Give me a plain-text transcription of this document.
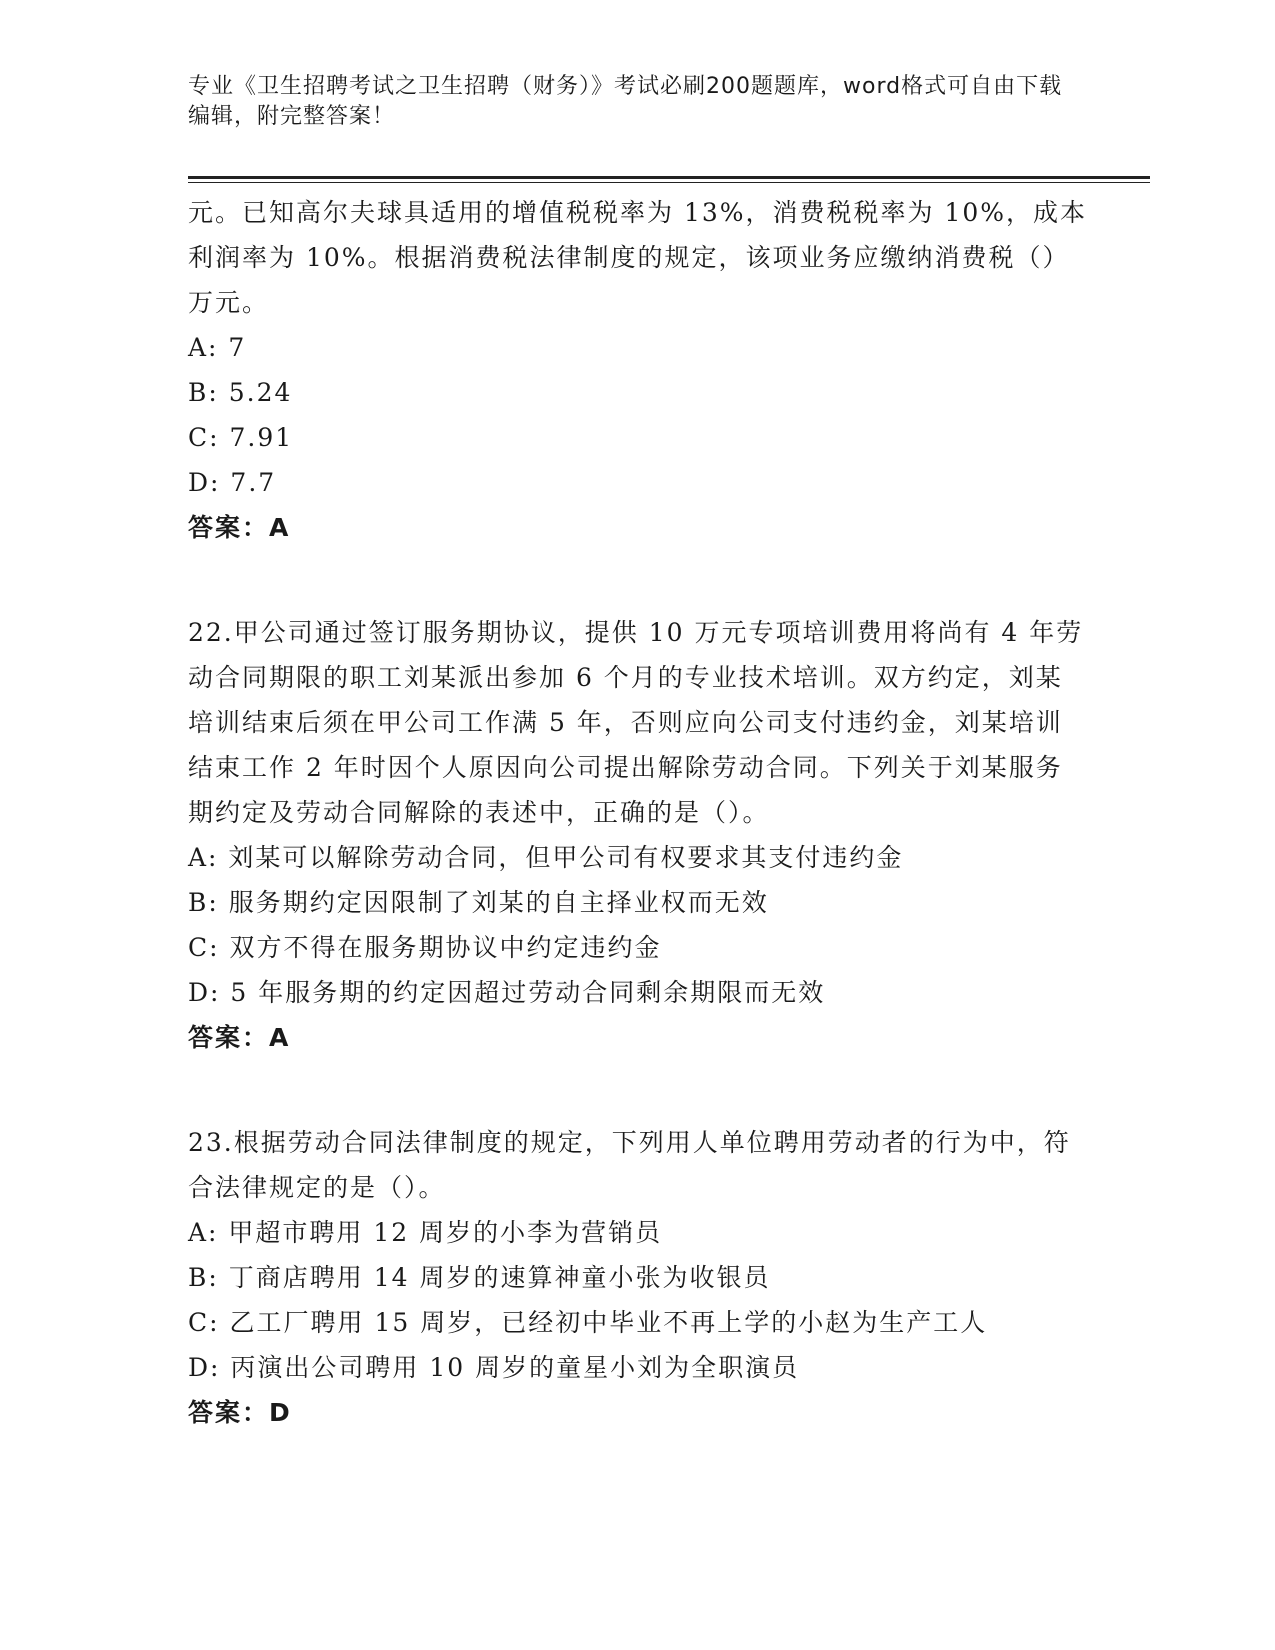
专业《卫生招聘考试之卫生招聘（财务）》考试必刷200题题库，word格式可自由下载编辑，附完整答案！

元。已知高尔夫球具适用的增值税税率为 13%，消费税税率为 10%，成本利润率为 10%。根据消费税法律制度的规定，该项业务应缴纳消费税（）万元。

A: 7

B: 5.24

C: 7.91

D: 7.7

答案：A

22.甲公司通过签订服务期协议，提供 10 万元专项培训费用将尚有 4 年劳动合同期限的职工刘某派出参加 6 个月的专业技术培训。双方约定，刘某培训结束后须在甲公司工作满 5 年，否则应向公司支付违约金，刘某培训结束工作 2 年时因个人原因向公司提出解除劳动合同。下列关于刘某服务期约定及劳动合同解除的表述中，正确的是（）。

A: 刘某可以解除劳动合同，但甲公司有权要求其支付违约金

B: 服务期约定因限制了刘某的自主择业权而无效

C: 双方不得在服务期协议中约定违约金

D: 5 年服务期的约定因超过劳动合同剩余期限而无效

答案：A

23.根据劳动合同法律制度的规定，下列用人单位聘用劳动者的行为中，符合法律规定的是（）。

A: 甲超市聘用 12 周岁的小李为营销员

B: 丁商店聘用 14 周岁的速算神童小张为收银员

C: 乙工厂聘用 15 周岁，已经初中毕业不再上学的小赵为生产工人

D: 丙演出公司聘用 10 周岁的童星小刘为全职演员

答案：D
